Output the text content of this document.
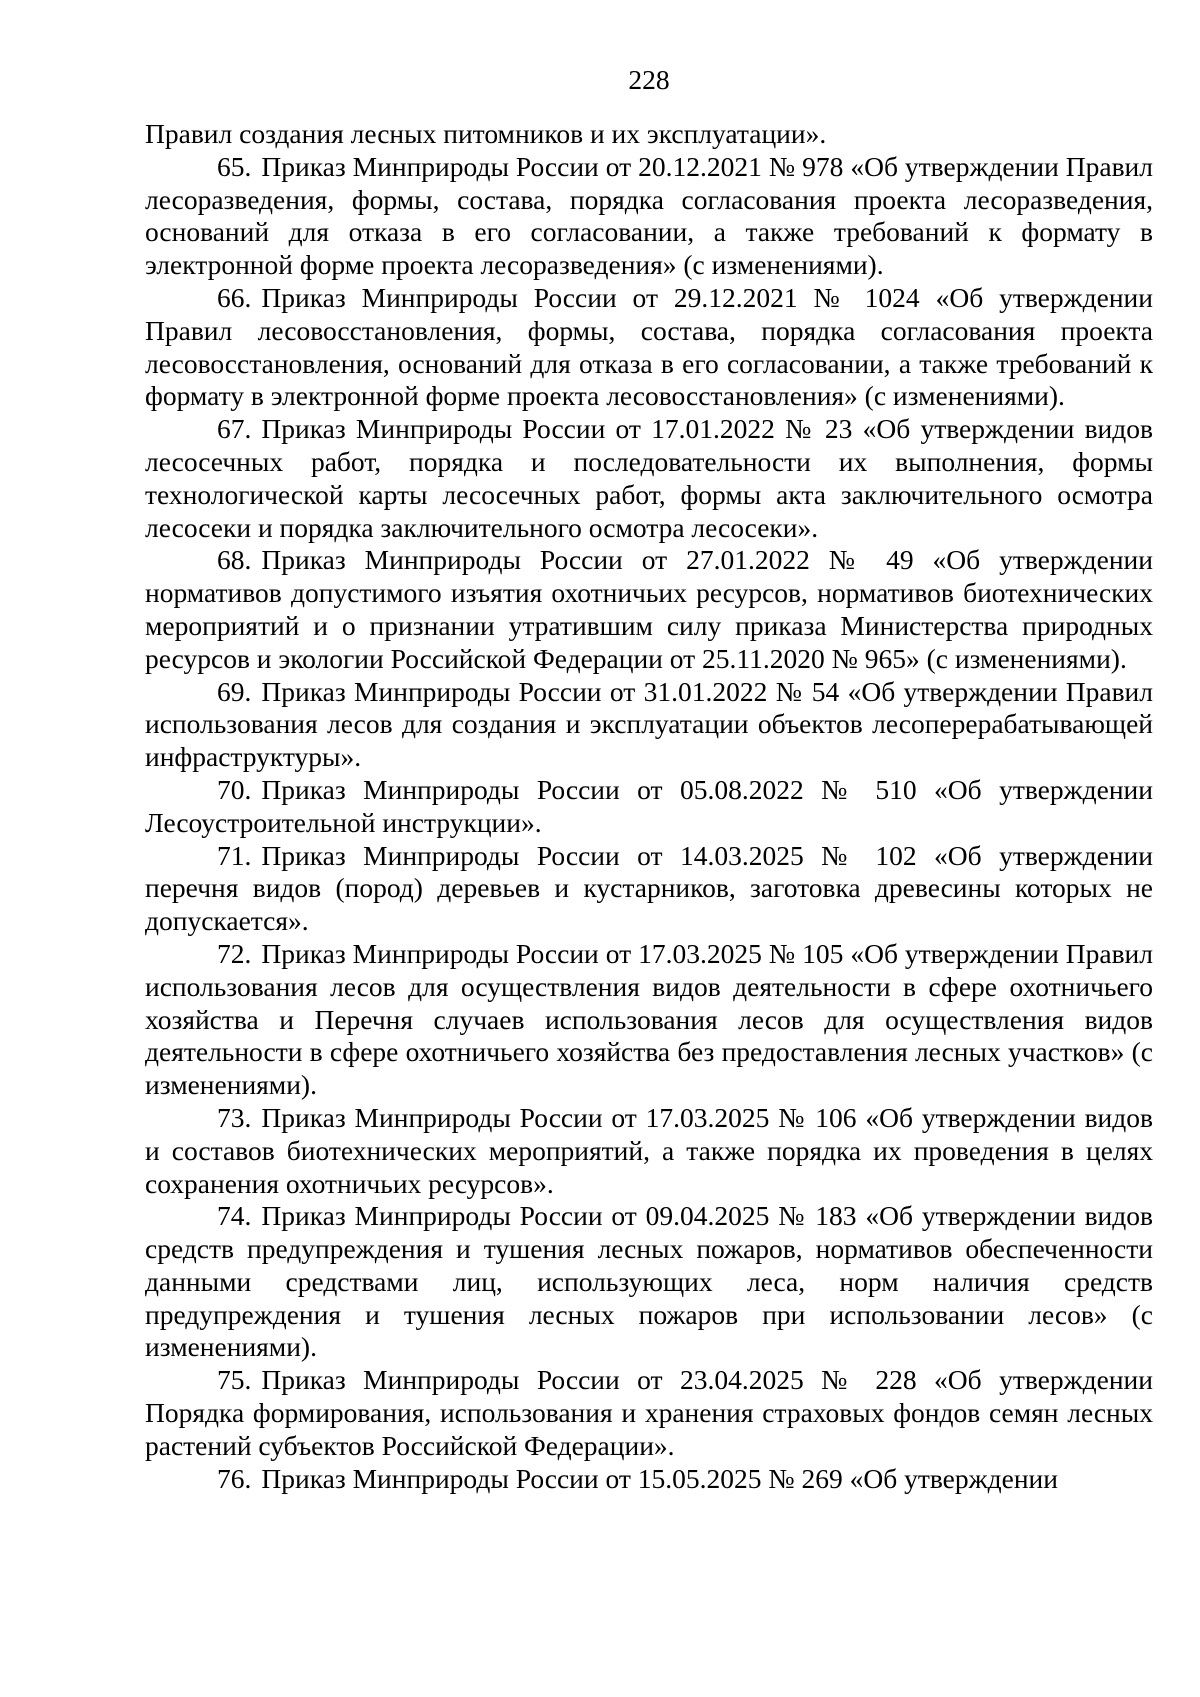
228

Правил создания лесных питомников и их эксплуатации».

65. Приказ Минприроды России от 20.12.2021 № 978 «Об утверждении Правил лесоразведения, формы, состава, порядка согласования проекта лесоразведения, оснований для отказа в его согласовании, а также требований к формату в электронной форме проекта лесоразведения» (с изменениями).

66. Приказ Минприроды России от 29.12.2021 № 1024 «Об утверждении Правил лесовосстановления, формы, состава, порядка согласования проекта лесовосстановления, оснований для отказа в его согласовании, а также требований к формату в электронной форме проекта лесовосстановления» (с изменениями).

67. Приказ Минприроды России от 17.01.2022 № 23 «Об утверждении видов лесосечных работ, порядка и последовательности их выполнения, формы технологической карты лесосечных работ, формы акта заключительного осмотра лесосеки и порядка заключительного осмотра лесосеки».

68. Приказ Минприроды России от 27.01.2022 № 49 «Об утверждении нормативов допустимого изъятия охотничьих ресурсов, нормативов биотехнических мероприятий и о признании утратившим силу приказа Министерства природных ресурсов и экологии Российской Федерации от 25.11.2020 № 965» (с изменениями).

69. Приказ Минприроды России от 31.01.2022 № 54 «Об утверждении Правил использования лесов для создания и эксплуатации объектов лесоперерабатывающей инфраструктуры».

70. Приказ Минприроды России от 05.08.2022 № 510 «Об утверждении Лесоустроительной инструкции».

71. Приказ Минприроды России от 14.03.2025 № 102 «Об утверждении перечня видов (пород) деревьев и кустарников, заготовка древесины которых не допускается».

72. Приказ Минприроды России от 17.03.2025 № 105 «Об утверждении Правил использования лесов для осуществления видов деятельности в сфере охотничьего хозяйства и Перечня случаев использования лесов для осуществления видов деятельности в сфере охотничьего хозяйства без предоставления лесных участков» (с изменениями).

73. Приказ Минприроды России от 17.03.2025 № 106 «Об утверждении видов и составов биотехнических мероприятий, а также порядка их проведения в целях сохранения охотничьих ресурсов».

74. Приказ Минприроды России от 09.04.2025 № 183 «Об утверждении видов средств предупреждения и тушения лесных пожаров, нормативов обеспеченности данными средствами лиц, использующих леса, норм наличия средств предупреждения и тушения лесных пожаров при использовании лесов» (с изменениями).

75. Приказ Минприроды России от 23.04.2025 № 228 «Об утверждении Порядка формирования, использования и хранения страховых фондов семян лесных растений субъектов Российской Федерации».

76. Приказ Минприроды России от 15.05.2025 № 269 «Об утверждении
